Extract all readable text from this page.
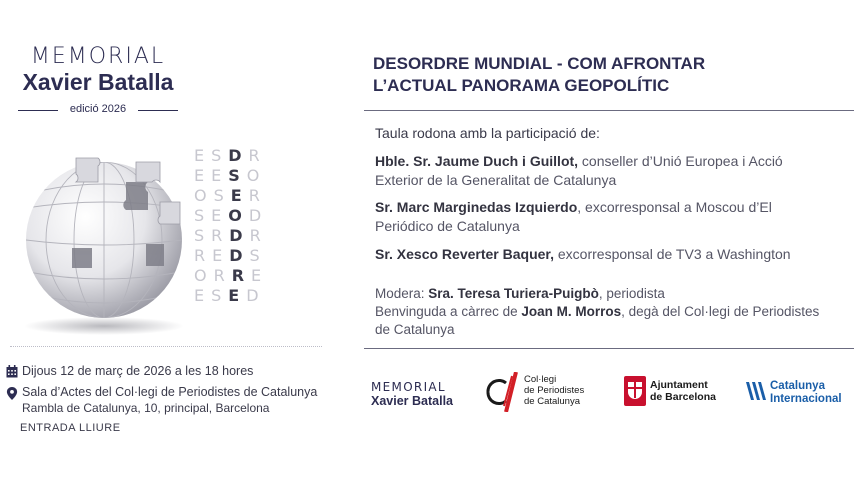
MEMORIAL
Xavier Batalla
edició 2026
ESDR
EESO
OSER
SEOD
SRDR
REDS
ORRE
ESED
Dijous 12 de març de 2026 a les 18 hores
Sala d’Actes del Col·legi de Periodistes de Catalunya
Rambla de Catalunya, 10, principal, Barcelona
ENTRADA LLIURE
DESORDRE MUNDIAL - COM AFRONTAR
L’ACTUAL PANORAMA GEOPOLÍTIC
Taula rodona amb la participació de:
Hble. Sr. Jaume Duch i Guillot, conseller d’Unió Europea i Acció
Exterior de la Generalitat de Catalunya
Sr. Marc Marginedas Izquierdo, excorresponsal a Moscou d’El
Periódico de Catalunya
Sr. Xesco Reverter Baquer, excorresponsal de TV3 a Washington
Modera: Sra. Teresa Turiera-Puigbò, periodista
Benvinguda a càrrec de Joan M. Morros, degà del Col·legi de Periodistes
de Catalunya
MEMORIAL
Xavier Batalla
Col·legi
de Periodistes
de Catalunya
Ajuntament
de Barcelona
Catalunya
Internacional
